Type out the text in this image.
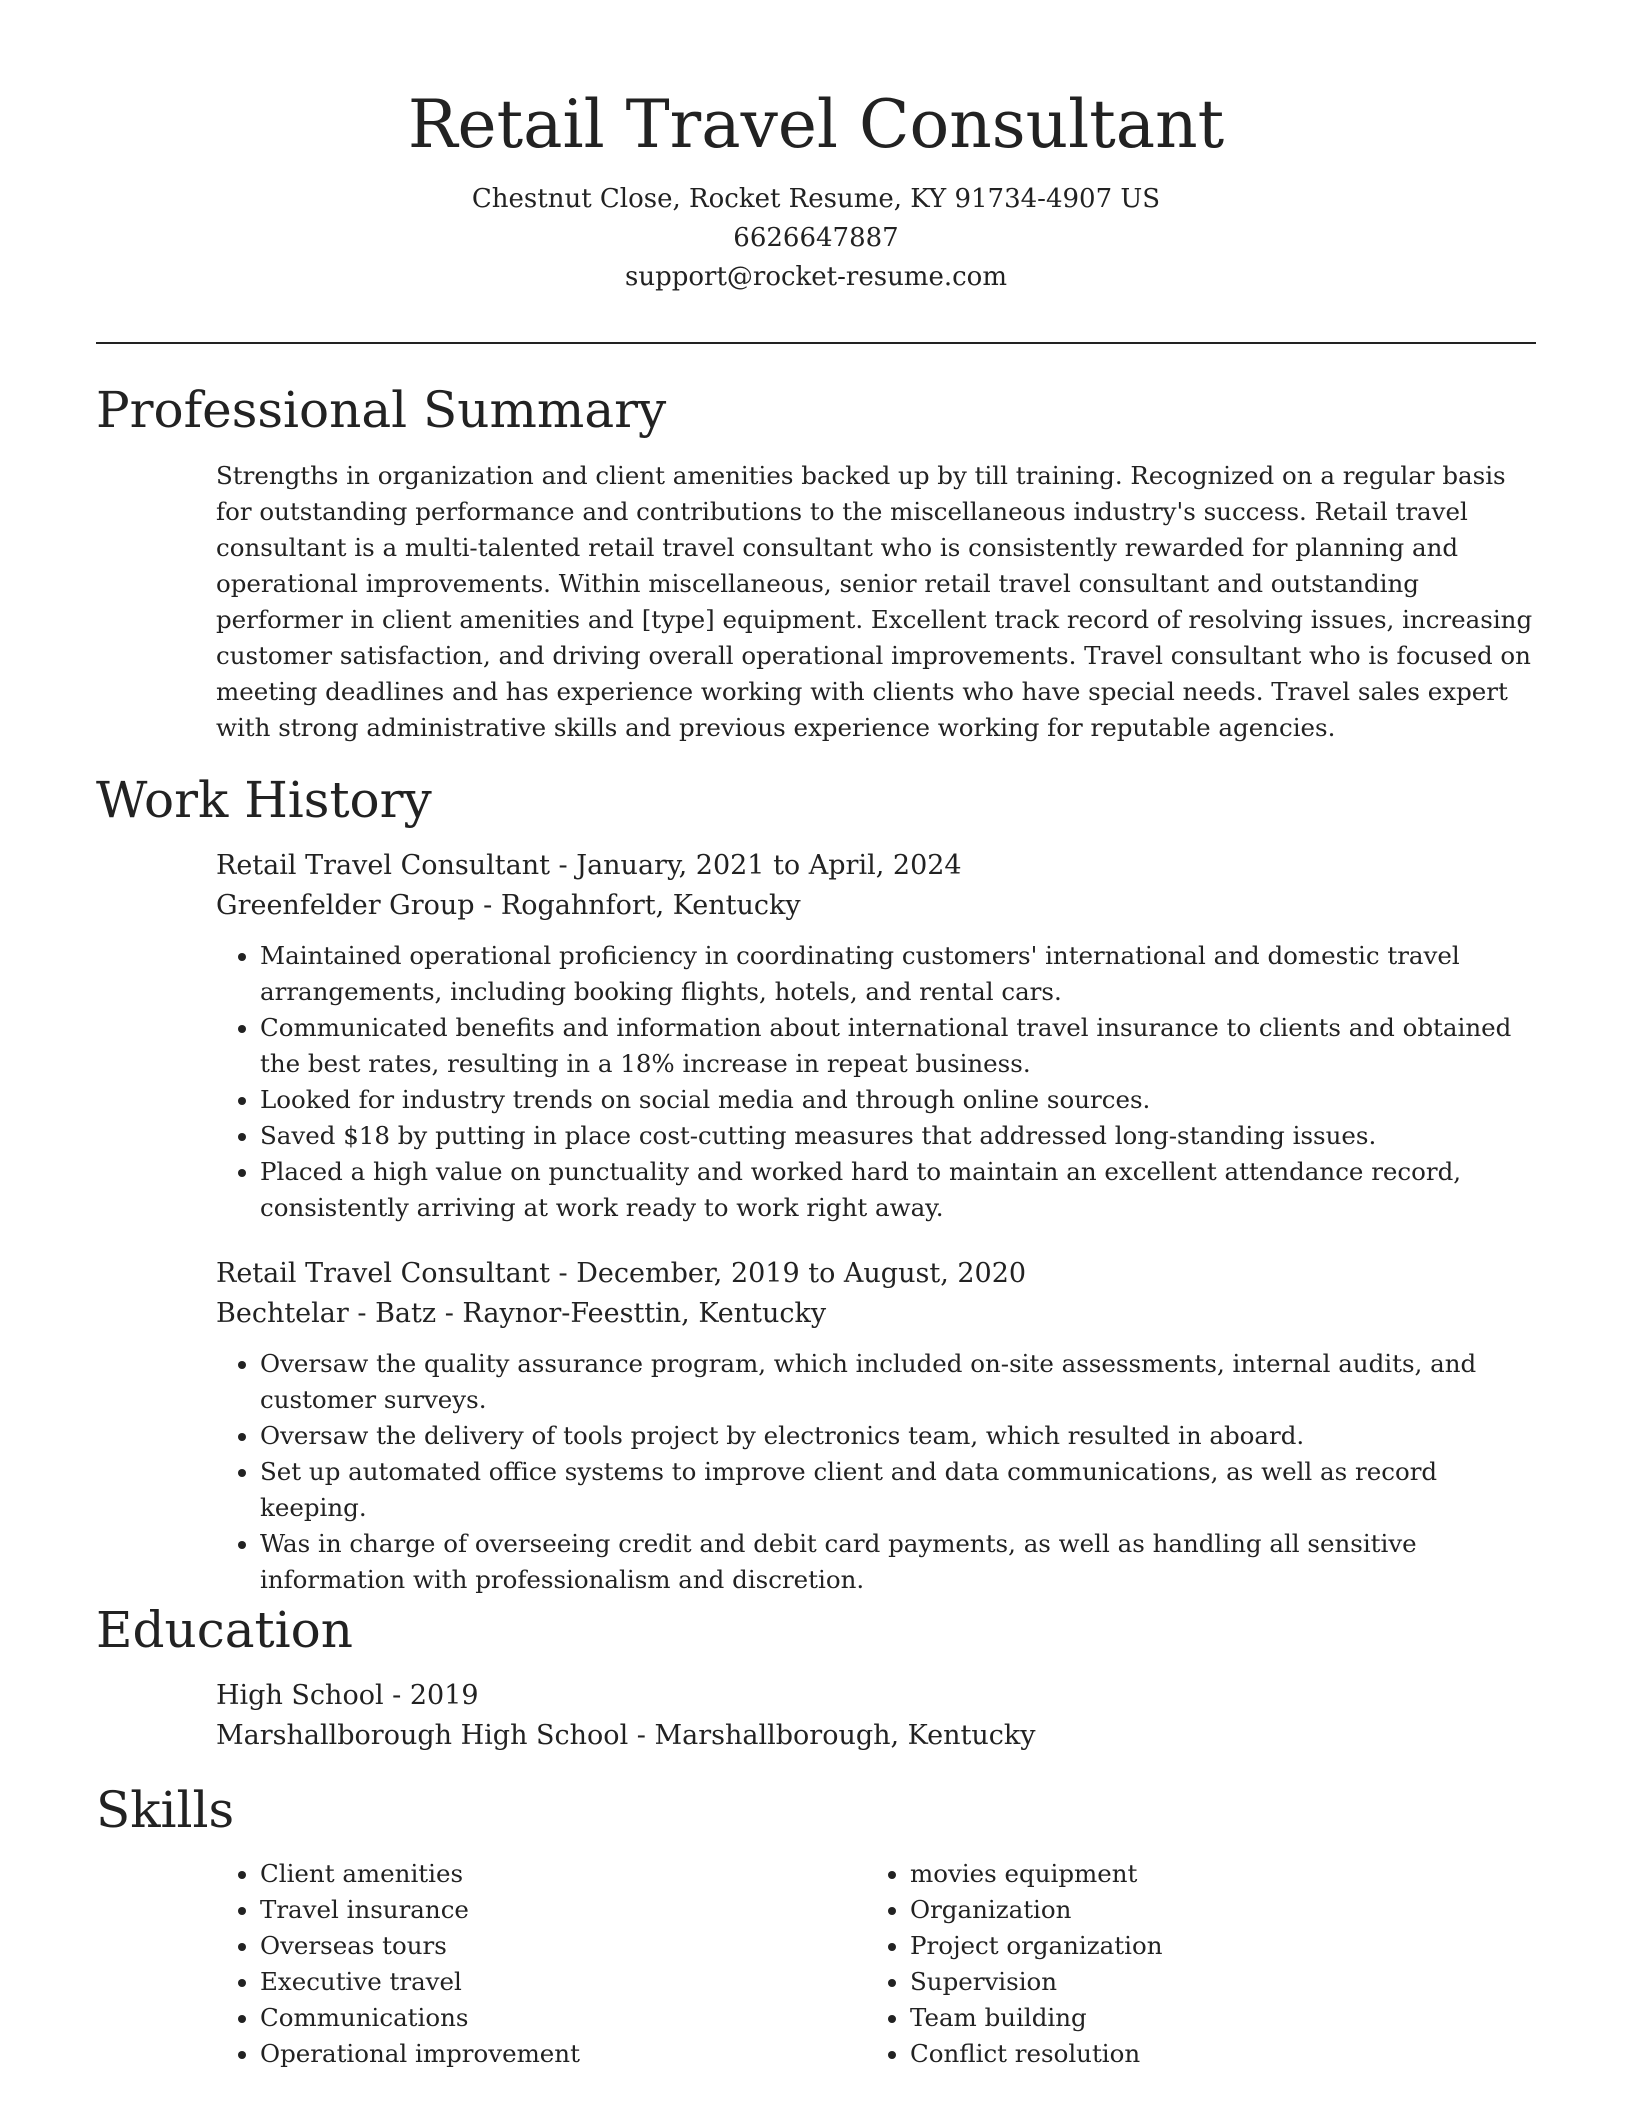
Retail Travel Consultant
Chestnut Close, Rocket Resume, KY 91734-4907 US
6626647887
support@rocket-resume.com
Professional Summary

Strengths in organization and client amenities backed up by till training. Recognized on a regular basis for outstanding performance and contributions to the miscellaneous industry's success. Retail travel consultant is a multi-talented retail travel consultant who is consistently rewarded for planning and operational improvements. Within miscellaneous, senior retail travel consultant and outstanding performer in client amenities and [type] equipment. Excellent track record of resolving issues, increasing customer satisfaction, and driving overall operational improvements. Travel consultant who is focused on meeting deadlines and has experience working with clients who have special needs. Travel sales expert with strong administrative skills and previous experience working for reputable agencies.

Work History
Retail Travel Consultant - January, 2021 to April, 2024
Greenfelder Group - Rogahnfort, Kentucky
• Maintained operational proficiency in coordinating customers' international and domestic travel arrangements, including booking flights, hotels, and rental cars.
• Communicated benefits and information about international travel insurance to clients and obtained the best rates, resulting in a 18% increase in repeat business.
• Looked for industry trends on social media and through online sources.
• Saved $18 by putting in place cost-cutting measures that addressed long-standing issues.
• Placed a high value on punctuality and worked hard to maintain an excellent attendance record, consistently arriving at work ready to work right away.
Retail Travel Consultant - December, 2019 to August, 2020
Bechtelar - Batz - Raynor-Feesttin, Kentucky
• Oversaw the quality assurance program, which included on-site assessments, internal audits, and customer surveys.
• Oversaw the delivery of tools project by electronics team, which resulted in aboard.
• Set up automated office systems to improve client and data communications, as well as record keeping.
• Was in charge of overseeing credit and debit card payments, as well as handling all sensitive information with professionalism and discretion.
Education
High School - 2019
Marshallborough High School - Marshallborough, Kentucky
Skills
• Client amenities
• Travel insurance
• Overseas tours
• Executive travel
• Communications
• Operational improvement
• movies equipment
• Organization
• Project organization
• Supervision
• Team building
• Conflict resolution
